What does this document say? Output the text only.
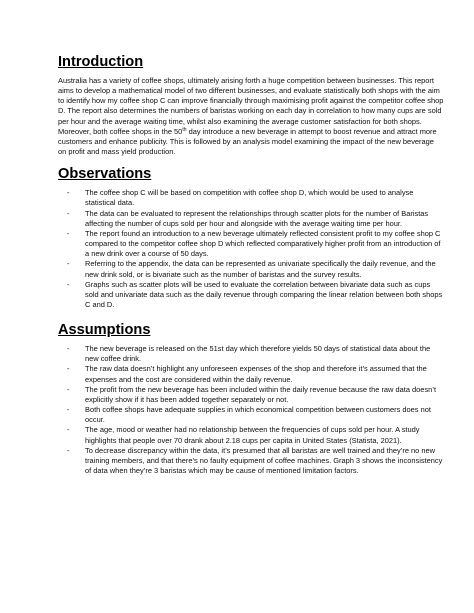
Introduction

Australia has a variety of coffee shops, ultimately arising forth a huge competition between businesses. This report aims to develop a mathematical model of two different businesses, and evaluate statistically both shops with the aim to identify how my coffee shop C can improve financially through maximising profit against the competitor coffee shop D. The report also determines the numbers of baristas working on each day in correlation to how many cups are sold per hour and the average waiting time, whilst also examining the average customer satisfaction for both shops. Moreover, both coffee shops in the 50th day introduce a new beverage in attempt to boost revenue and attract more customers and enhance publicity. This is followed by an analysis model examining the impact of the new beverage on profit and mass yield production.

Observations
- The coffee shop C will be based on competition with coffee shop D, which would be used to analyse statistical data.
- The data can be evaluated to represent the relationships through scatter plots for the number of Baristas affecting the number of cups sold per hour and alongside with the average waiting time per hour.
- The report found an introduction to a new beverage ultimately reflected consistent profit to my coffee shop C compared to the competitor coffee shop D which reflected comparatively higher profit from an introduction of a new drink over a course of 50 days.
- Referring to the appendix, the data can be represented as univariate specifically the daily revenue, and the new drink sold, or is bivariate such as the number of baristas and the survey results.
- Graphs such as scatter plots will be used to evaluate the correlation between bivariate data such as cups sold and univariate data such as the daily revenue through comparing the linear relation between both shops C and D.
Assumptions
- The new beverage is released on the 51st day which therefore yields 50 days of statistical data about the new coffee drink.
- The raw data doesn’t highlight any unforeseen expenses of the shop and therefore it’s assumed that the expenses and the cost are considered within the daily revenue.
- The profit from the new beverage has been included within the daily revenue because the raw data doesn’t explicitly show if it has been added together separately or not.
- Both coffee shops have adequate supplies in which economical competition between customers does not occur.
- The age, mood or weather had no relationship between the frequencies of cups sold per hour. A study highlights that people over 70 drank about 2.18 cups per capita in United States (Statista, 2021).
- To decrease discrepancy within the data, it’s presumed that all baristas are well trained and they’re no new training members, and that there’s no faulty equipment of coffee machines. Graph 3 shows the inconsistency of data when they’re 3 baristas which may be cause of mentioned limitation factors.
